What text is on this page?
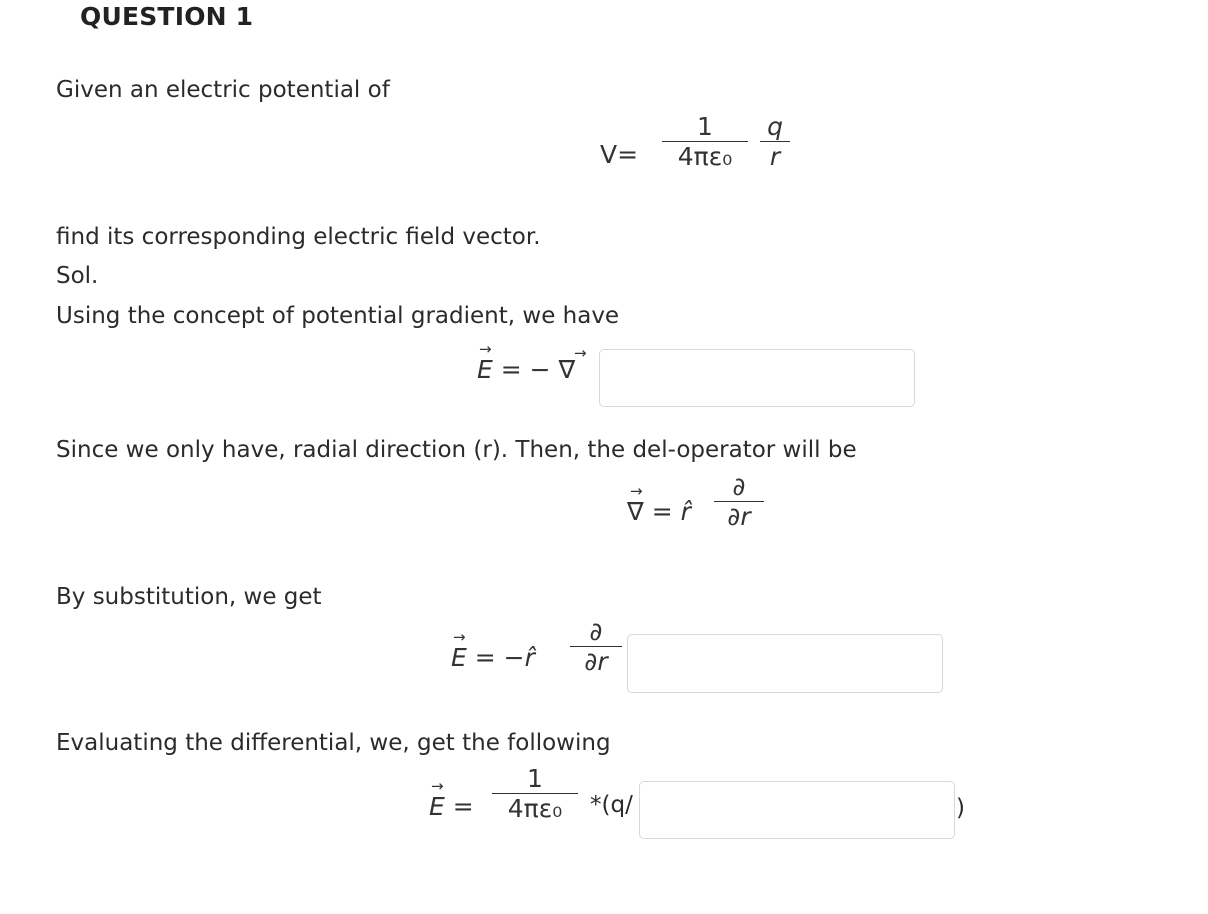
QUESTION 1
Given an electric potential of
V=
1
4πε₀
q
r
find its corresponding electric field vector.
Sol.
Using the concept of potential gradient, we have
→ E = − ∇
→
Since we only have, radial direction (r). Then, the del-operator will be
→ ∇ = r̂
∂
∂r
By substitution, we get
→ E = −r̂
∂
∂r
Evaluating the differential, we, get the following
→ E =
1
4πε₀	*(q/	)
